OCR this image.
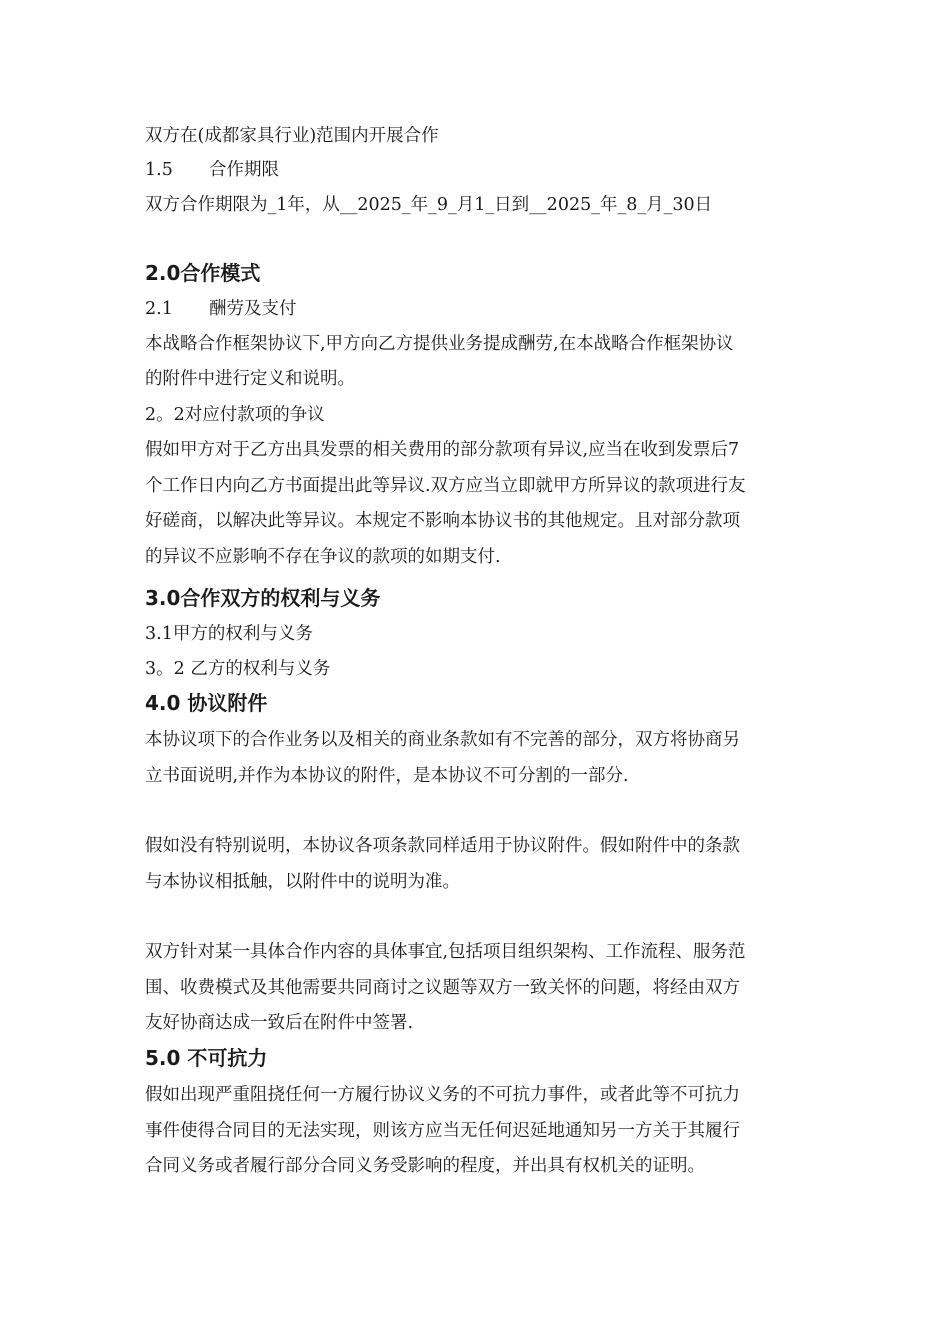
双方在(成都家具行业)范围内开展合作
1.5 合作期限
双方合作期限为_1年，从__2025_年_9_月1_日到__2025_年_8_月_30日
2.0合作模式
2.1 酬劳及支付
本战略合作框架协议下,甲方向乙方提供业务提成酬劳,在本战略合作框架协议
的附件中进行定义和说明。
2。2对应付款项的争议
假如甲方对于乙方出具发票的相关费用的部分款项有异议,应当在收到发票后7
个工作日内向乙方书面提出此等异议.双方应当立即就甲方所异议的款项进行友
好磋商，以解决此等异议。本规定不影响本协议书的其他规定。且对部分款项
的异议不应影响不存在争议的款项的如期支付.
3.0合作双方的权利与义务
3.1甲方的权利与义务
3。2 乙方的权利与义务
4.0 协议附件
本协议项下的合作业务以及相关的商业条款如有不完善的部分，双方将协商另
立书面说明,并作为本协议的附件，是本协议不可分割的一部分.
假如没有特别说明，本协议各项条款同样适用于协议附件。假如附件中的条款
与本协议相抵触，以附件中的说明为准。
双方针对某一具体合作内容的具体事宜,包括项目组织架构、工作流程、服务范
围、收费模式及其他需要共同商讨之议题等双方一致关怀的问题，将经由双方
友好协商达成一致后在附件中签署.
5.0 不可抗力
假如出现严重阻挠任何一方履行协议义务的不可抗力事件，或者此等不可抗力
事件使得合同目的无法实现，则该方应当无任何迟延地通知另一方关于其履行
合同义务或者履行部分合同义务受影响的程度，并出具有权机关的证明。
